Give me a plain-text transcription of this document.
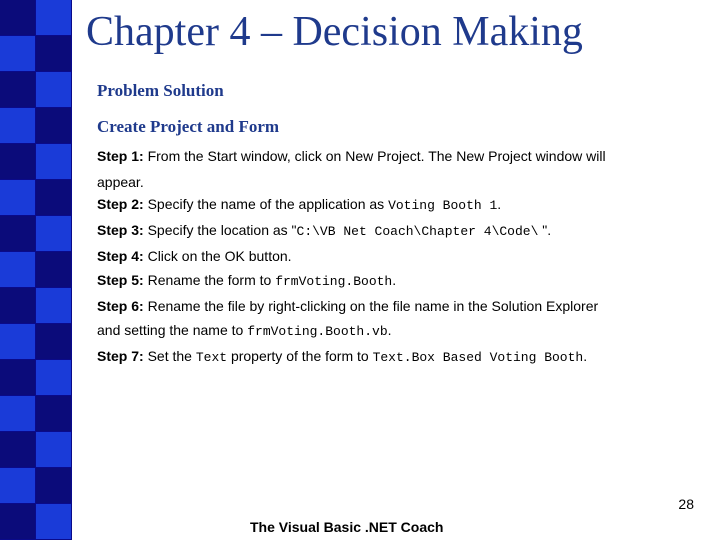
Chapter 4 – Decision Making
Problem Solution
Create Project and Form
Step 1: From the Start window, click on New Project. The New Project window will
appear.
Step 2: Specify the name of the application as Voting Booth 1.
Step 3: Specify the location as "C:\VB Net Coach\Chapter 4\Code\ ".
Step 4: Click on the OK button.
Step 5: Rename the form to frmVoting.Booth.
Step 6: Rename the file by right-clicking on the file name in the Solution Explorer
and setting the name to frmVoting.Booth.vb.
Step 7: Set the Text property of the form to Text.Box Based Voting Booth.
28
The Visual Basic .NET Coach
